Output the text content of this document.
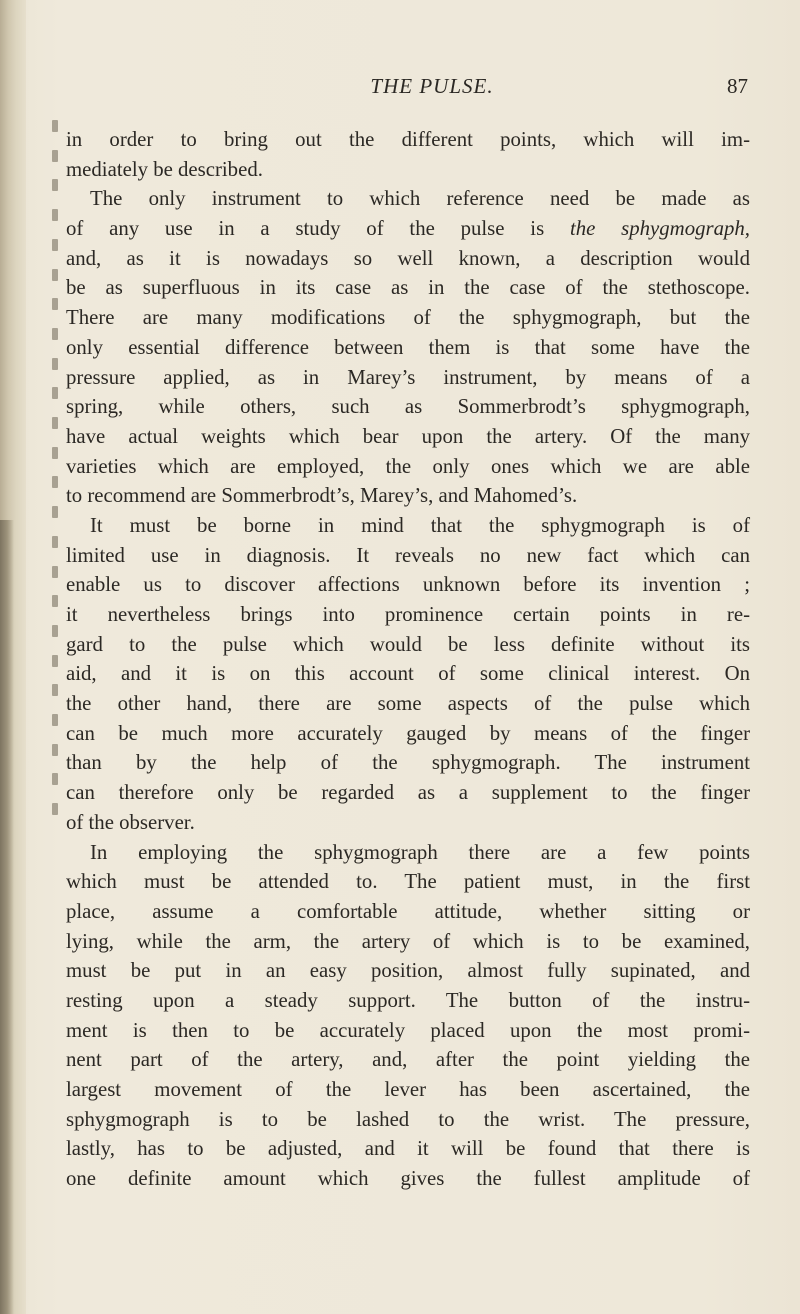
THE PULSE.	87
in order to bring out the different points, which will im-
mediately be described.
The only instrument to which reference need be made as
of any use in a study of the pulse is the sphygmograph,
and, as it is nowadays so well known, a description would
be as superfluous in its case as in the case of the stethoscope.
There are many modifications of the sphygmograph, but the
only essential difference between them is that some have the
pressure applied, as in Marey’s instrument, by means of a
spring, while others, such as Sommerbrodt’s sphygmograph,
have actual weights which bear upon the artery. Of the many
varieties which are employed, the only ones which we are able
to recommend are Sommerbrodt’s, Marey’s, and Mahomed’s.
It must be borne in mind that the sphygmograph is of
limited use in diagnosis. It reveals no new fact which can
enable us to discover affections unknown before its invention ;
it nevertheless brings into prominence certain points in re-
gard to the pulse which would be less definite without its
aid, and it is on this account of some clinical interest. On
the other hand, there are some aspects of the pulse which
can be much more accurately gauged by means of the finger
than by the help of the sphygmograph. The instrument
can therefore only be regarded as a supplement to the finger
of the observer.
In employing the sphygmograph there are a few points
which must be attended to. The patient must, in the first
place, assume a comfortable attitude, whether sitting or
lying, while the arm, the artery of which is to be examined,
must be put in an easy position, almost fully supinated, and
resting upon a steady support. The button of the instru-
ment is then to be accurately placed upon the most promi-
nent part of the artery, and, after the point yielding the
largest movement of the lever has been ascertained, the
sphygmograph is to be lashed to the wrist. The pressure,
lastly, has to be adjusted, and it will be found that there is
one definite amount which gives the fullest amplitude of
